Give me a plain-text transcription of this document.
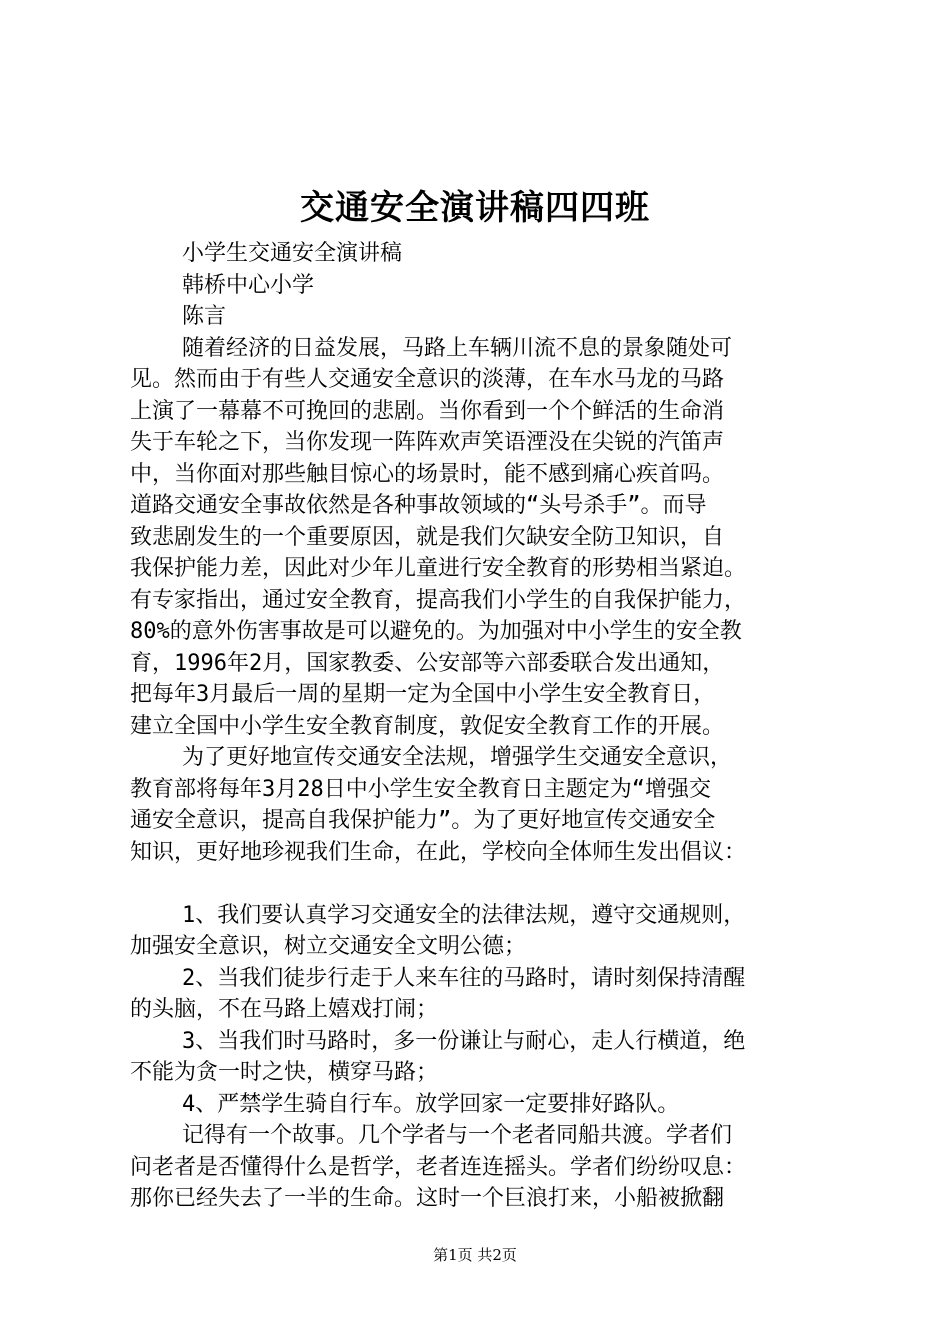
交通安全演讲稿四四班
小学生交通安全演讲稿
韩桥中心小学
陈言
随着经济的日益发展，马路上车辆川流不息的景象随处可
见。然而由于有些人交通安全意识的淡薄，在车水马龙的马路
上演了一幕幕不可挽回的悲剧。当你看到一个个鲜活的生命消
失于车轮之下，当你发现一阵阵欢声笑语湮没在尖锐的汽笛声
中，当你面对那些触目惊心的场景时，能不感到痛心疾首吗。
道路交通安全事故依然是各种事故领域的“头号杀手”。而导
致悲剧发生的一个重要原因，就是我们欠缺安全防卫知识，自
我保护能力差，因此对少年儿童进行安全教育的形势相当紧迫。
有专家指出，通过安全教育，提高我们小学生的自我保护能力，
80%的意外伤害事故是可以避免的。为加强对中小学生的安全教
育，1996年2月，国家教委、公安部等六部委联合发出通知，
把每年3月最后一周的星期一定为全国中小学生安全教育日，
建立全国中小学生安全教育制度，敦促安全教育工作的开展。
为了更好地宣传交通安全法规，增强学生交通安全意识，
教育部将每年3月28日中小学生安全教育日主题定为“增强交
通安全意识，提高自我保护能力”。为了更好地宣传交通安全
知识，更好地珍视我们生命，在此，学校向全体师生发出倡议：
1、我们要认真学习交通安全的法律法规，遵守交通规则，
加强安全意识，树立交通安全文明公德；
2、当我们徒步行走于人来车往的马路时，请时刻保持清醒
的头脑，不在马路上嬉戏打闹；
3、当我们时马路时，多一份谦让与耐心，走人行横道，绝
不能为贪一时之快，横穿马路；
4、严禁学生骑自行车。放学回家一定要排好路队。
记得有一个故事。几个学者与一个老者同船共渡。学者们
问老者是否懂得什么是哲学，老者连连摇头。学者们纷纷叹息：
那你已经失去了一半的生命。这时一个巨浪打来，小船被掀翻
第1页 共2页
